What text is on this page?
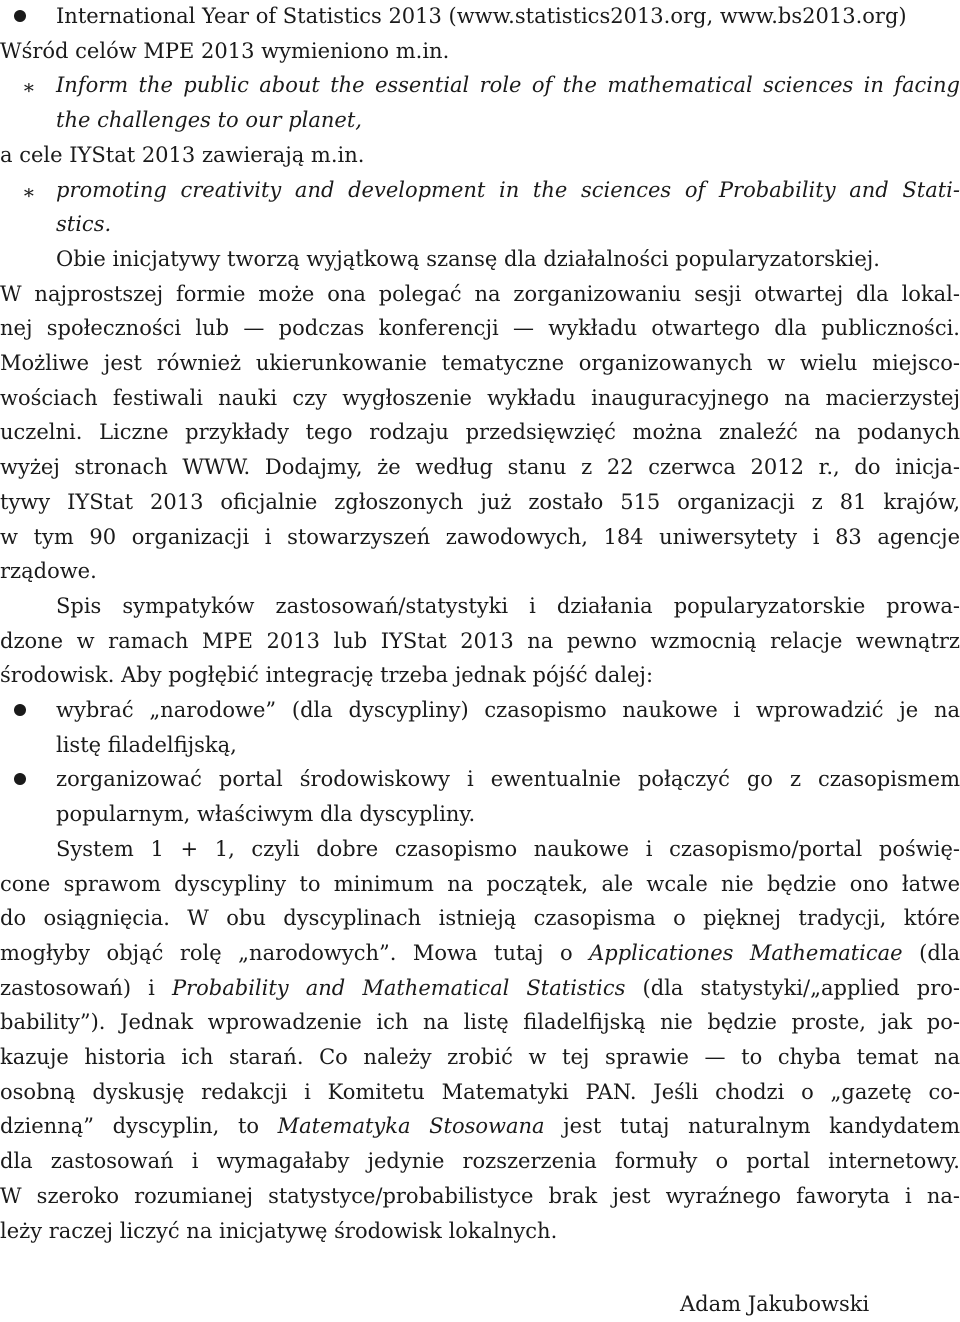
International Year of Statistics 2013 (www.statistics2013.org, www.bs2013.org)
Wśród celów MPE 2013 wymieniono m.in.
Inform the public about the essential role of the mathematical sciences in facing
the challenges to our planet,
a cele IYStat 2013 zawierają m.in.
promoting creativity and development in the sciences of Probability and Stati-
stics.
Obie inicjatywy tworzą wyjątkową szansę dla działalności popularyzatorskiej.
W najprostszej formie może ona polegać na zorganizowaniu sesji otwartej dla lokal-
nej społeczności lub — podczas konferencji — wykładu otwartego dla publiczności.
Możliwe jest również ukierunkowanie tematyczne organizowanych w wielu miejsco-
wościach festiwali nauki czy wygłoszenie wykładu inauguracyjnego na macierzystej
uczelni. Liczne przykłady tego rodzaju przedsięwzięć można znaleźć na podanych
wyżej stronach WWW. Dodajmy, że według stanu z 22 czerwca 2012 r., do inicja-
tywy IYStat 2013 oficjalnie zgłoszonych już zostało 515 organizacji z 81 krajów,
w tym 90 organizacji i stowarzyszeń zawodowych, 184 uniwersytety i 83 agencje
rządowe.
Spis sympatyków zastosowań/statystyki i działania popularyzatorskie prowa-
dzone w ramach MPE 2013 lub IYStat 2013 na pewno wzmocnią relacje wewnątrz
środowisk. Aby pogłębić integrację trzeba jednak pójść dalej:
wybrać „narodowe” (dla dyscypliny) czasopismo naukowe i wprowadzić je na
listę filadelfijską,
zorganizować portal środowiskowy i ewentualnie połączyć go z czasopismem
popularnym, właściwym dla dyscypliny.
System 1 + 1, czyli dobre czasopismo naukowe i czasopismo/portal poświę-
cone sprawom dyscypliny to minimum na początek, ale wcale nie będzie ono łatwe
do osiągnięcia. W obu dyscyplinach istnieją czasopisma o pięknej tradycji, które
mogłyby objąć rolę „narodowych”. Mowa tutaj o Applicationes Mathematicae (dla
zastosowań) i Probability and Mathematical Statistics (dla statystyki/„applied pro-
bability”). Jednak wprowadzenie ich na listę filadelfijską nie będzie proste, jak po-
kazuje historia ich starań. Co należy zrobić w tej sprawie — to chyba temat na
osobną dyskusję redakcji i Komitetu Matematyki PAN. Jeśli chodzi o „gazetę co-
dzienną” dyscyplin, to Matematyka Stosowana jest tutaj naturalnym kandydatem
dla zastosowań i wymagałaby jedynie rozszerzenia formuły o portal internetowy.
W szeroko rozumianej statystyce/probabilistyce brak jest wyraźnego faworyta i na-
leży raczej liczyć na inicjatywę środowisk lokalnych.
∗
∗
Adam Jakubowski
